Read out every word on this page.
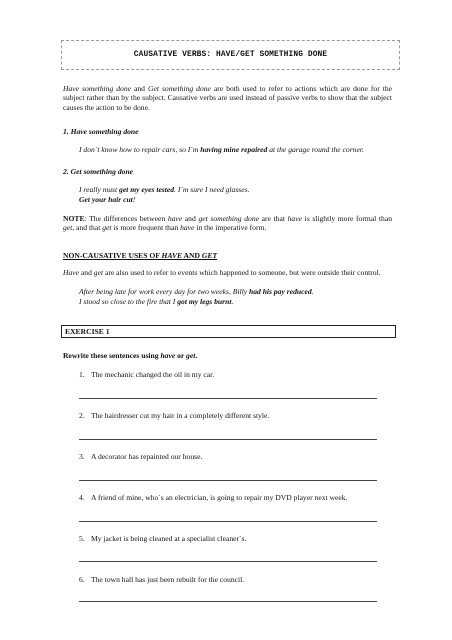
CAUSATIVE VERBS: HAVE/GET SOMETHING DONE
Have something done and Get something done are both used to refer to actions which are done for the subject rather than by the subject. Causative verbs are used instead of passive verbs to show that the subject causes the action to be done.
1. Have something done
I don´t know how to repair cars, so I´m having mine repaired at the garage round the corner.
2. Get something done
I really must get my eyes tested. I´m sure I need glasses.
Get your hair cut!
NOTE: The differences between have and get something done are that have is slightly more formal than get, and that get is more frequent than have in the imperative form.
NON-CAUSATIVE USES OF HAVE AND GET
Have and get are also used to refer to events which happened to someone, but were outside their control.
After being late for work every day for two weeks, Billy had his pay reduced.
I stood so close to the fire that I got my legs burnt.
EXERCISE 1
Rewrite these sentences using have or get.
1. The mechanic changed the oil in my car.
2. The hairdresser cut my hair in a completely different style.
3. A decorator has repainted our house.
4. A friend of mine, who´s an electrician, is going to repair my DVD player next week.
5. My jacket is being cleaned at a specialist cleaner´s.
6. The town hall has just been rebuilt for the council.
